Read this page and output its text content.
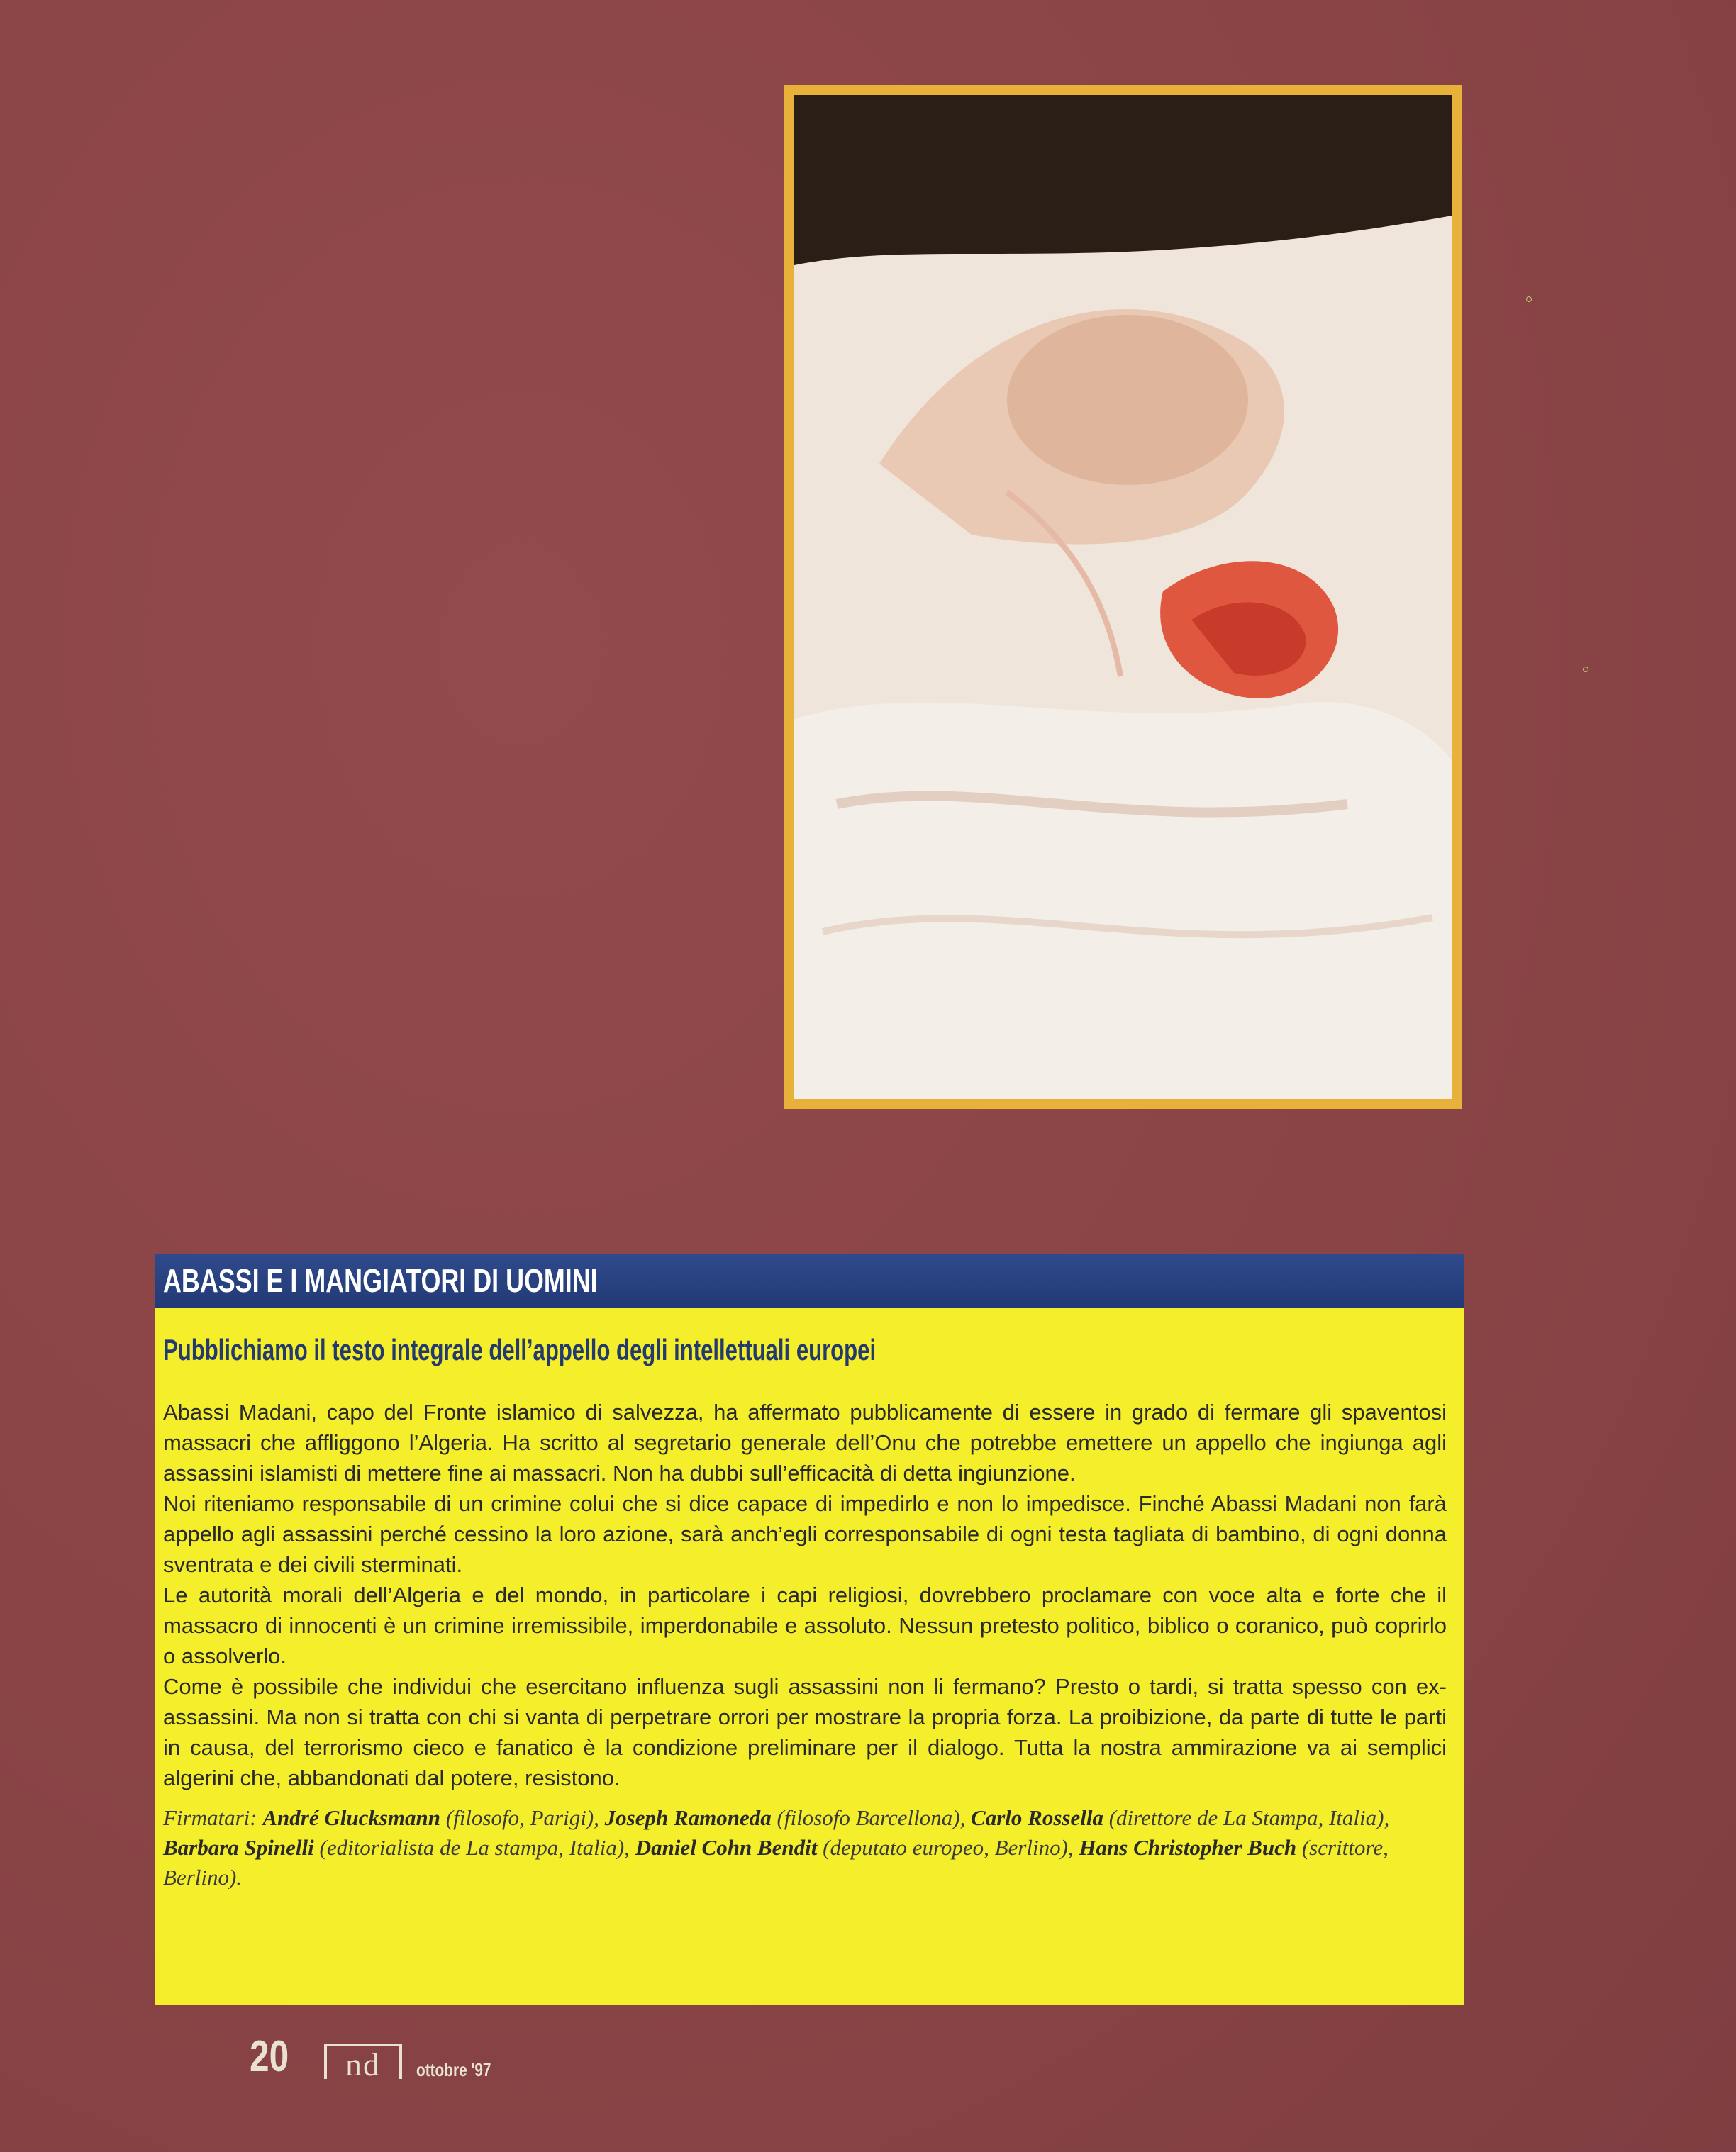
ABASSI E I MANGIATORI DI UOMINI
Pubblichiamo il testo integrale dell’appello degli intellettuali europei

Abassi Madani, capo del Fronte islamico di salvezza, ha affermato pubblicamente di essere in grado di fermare gli spaventosi massacri che affliggono l’Algeria. Ha scritto al segretario generale dell’Onu che potrebbe emettere un appello che ingiunga agli assassini islamisti di mettere fine ai massacri. Non ha dubbi sull’efficacità di detta ingiunzione.

Noi riteniamo responsabile di un crimine colui che si dice capace di impedirlo e non lo impedisce. Finché Abassi Madani non farà appello agli assassini perché cessino la loro azione, sarà anch’egli corresponsabile di ogni testa tagliata di bambino, di ogni donna sventrata e dei civili sterminati.

Le autorità morali dell’Algeria e del mondo, in particolare i capi religiosi, dovrebbero proclamare con voce alta e forte che il massacro di innocenti è un crimine irremissibile, imperdonabile e assoluto. Nessun pretesto politico, biblico o coranico, può coprirlo o assolverlo.

Come è possibile che individui che esercitano influenza sugli assassini non li fermano? Presto o tardi, si tratta spesso con ex-assassini. Ma non si tratta con chi si vanta di perpetrare orrori per mostrare la propria forza. La proibizione, da parte di tutte le parti in causa, del terrorismo cieco e fanatico è la condizione preliminare per il dialogo. Tutta la nostra ammirazione va ai semplici algerini che, abbandonati dal potere, resistono.

Firmatari: André Glucksmann (filosofo, Parigi), Joseph Ramoneda (filosofo Barcellona), Carlo Rossella (direttore de La Stampa, Italia), Barbara Spinelli (editorialista de La stampa, Italia), Daniel Cohn Bendit (deputato europeo, Berlino), Hans Christopher Buch (scrittore, Berlino).
20 nd ottobre '97
